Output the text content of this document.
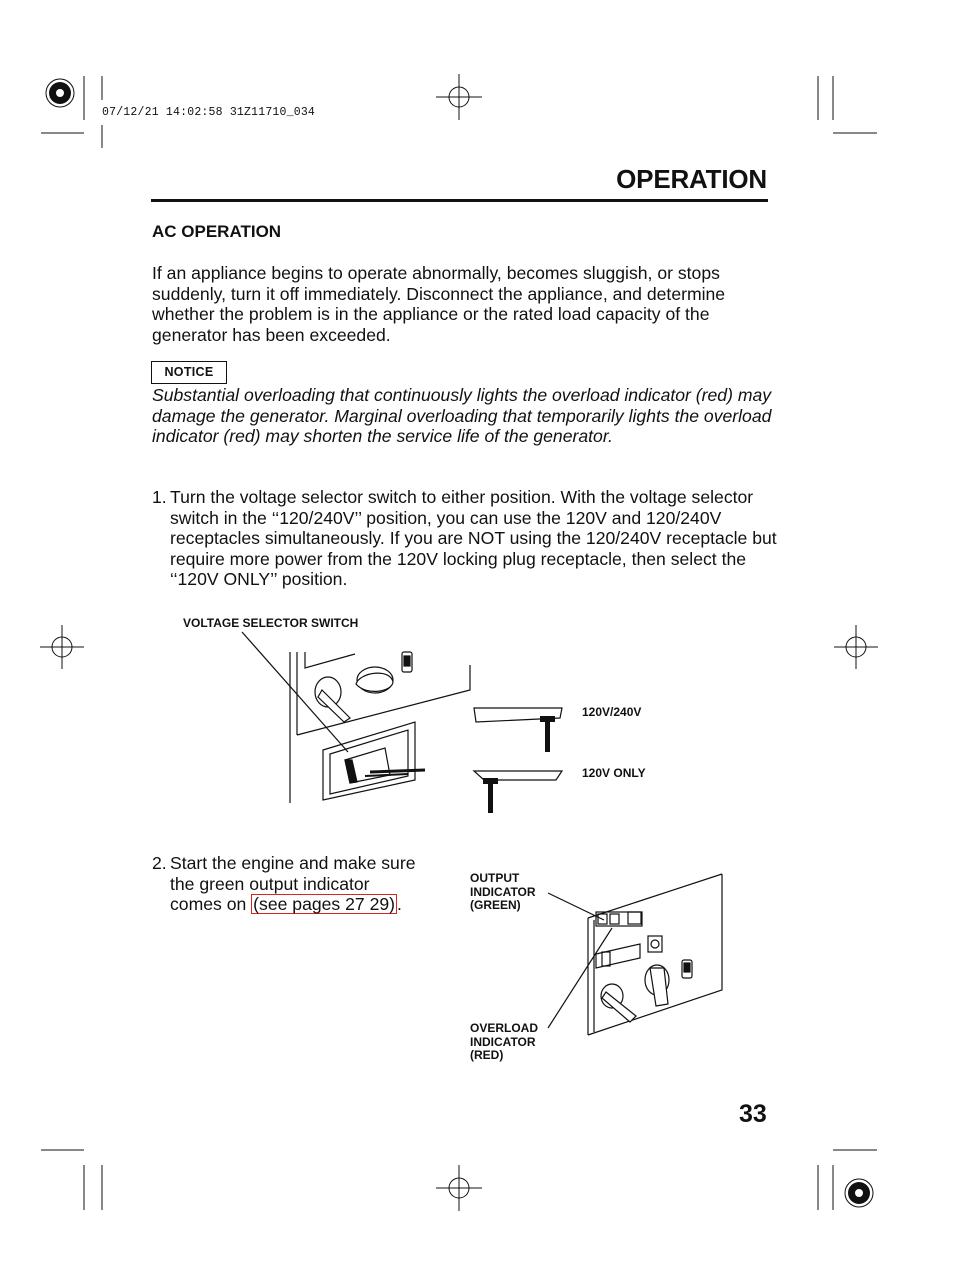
07/12/21 14:02:58 31Z11710_034
OPERATION
AC OPERATION
If an appliance begins to operate abnormally, becomes sluggish, or stops suddenly, turn it off immediately. Disconnect the appliance, and determine whether the problem is in the appliance or the rated load capacity of the generator has been exceeded.
NOTICE
Substantial overloading that continuously lights the overload indicator (red) may damage the generator. Marginal overloading that temporarily lights the overload indicator (red) may shorten the service life of the generator.
1. Turn the voltage selector switch to either position. With the voltage selector switch in the ‘‘120/240V’’ position, you can use the 120V and 120/240V receptacles simultaneously. If you are NOT using the 120/240V receptacle but require more power from the 120V locking plug receptacle, then select the ‘‘120V ONLY’’ position.
VOLTAGE SELECTOR SWITCH
120V/240V
120V ONLY
2. Start the engine and make sure the green output indicator comes on (see pages 27 29) .
OUTPUT
INDICATOR
(GREEN)
OVERLOAD
INDICATOR
(RED)
33
